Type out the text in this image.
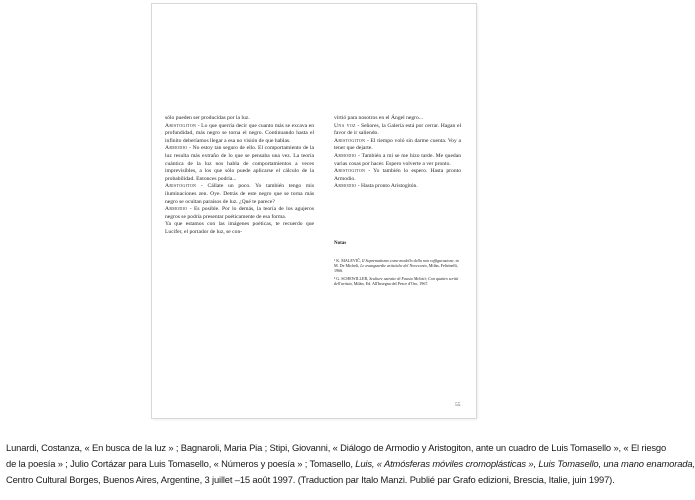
sólo pueden ser producidas por la luz.

Aristogiton - Lo que querría decir que cuanto más se excava en profundidad, más negro se torna el negro. Continuando hasta el infinito deberíamos llegar a esa no visión de que hablas.

Armodio - No estoy tan seguro de ello. El comportamiento de la luz resulta más extraño de lo que se pensaba una vez. La teoría cuántica de la luz nos habla de comportamientos a veces imprevisibles, a los que sólo puede aplicarse el cálculo de la probabilidad. Entonces podría...

Aristogiton - Cállate un poco. Yo también tengo mis iluminaciones zen. Oye. Detrás de este negro que se torna más negro se ocultan paraísos de luz. ¿Qué te parece?

Armodio - Es posible. Por lo demás, la teoría de los agujeros negros se podría presentar poéticamente de esa forma.

Ya que estamos con las imágenes poéticas, te recuerdo que Lucifer, el portador de luz, se con-

virtió para nosotros en el Ángel negro...

Una voz - Señores, la Galería está por cerrar. Hagan el favor de ir saliendo.

Aristogiton - El tiempo voló sin darme cuenta. Voy a tener que dejarte.

Armodio - También a mí se me hizo tarde. Me quedan varias cosas por hacer. Espero volverte a ver pronto.

Aristogiton - Yo también lo espero. Hasta pronto Armodio.

Armodio - Hasta pronto Aristogitón.

Notas
¹ K. MALEVIČ, Il Suprematismo come modello della non raffigurazione, in M. De Micheli, Le avanguardie artistiche del Novecento, Milán, Feltrinelli, 1966.
² G. SCHEWILLER, Sculture astratte di Fausto Melotti; Con quattro scritti dell'artista, Milán, Ed. All'Insegna del Pesce d'Oro, 1967.
55
Lunardi, Costanza, « En busca de la luz » ; Bagnaroli, Maria Pia ; Stipi, Giovanni, « Diálogo de Armodio y Aristogiton, ante un cuadro de Luis Tomasello », « El riesgo
de la poesía » ; Julio Cortázar para Luis Tomasello, « Números y poesía » ; Tomasello, Luis, « Atmósferas móviles cromoplásticas », Luis Tomasello, una mano enamorada,
Centro Cultural Borges, Buenos Aires, Argentine, 3 juillet –15 août 1997. (Traduction par Italo Manzi. Publié par Grafo edizioni, Brescia, Italie, juin 1997).
